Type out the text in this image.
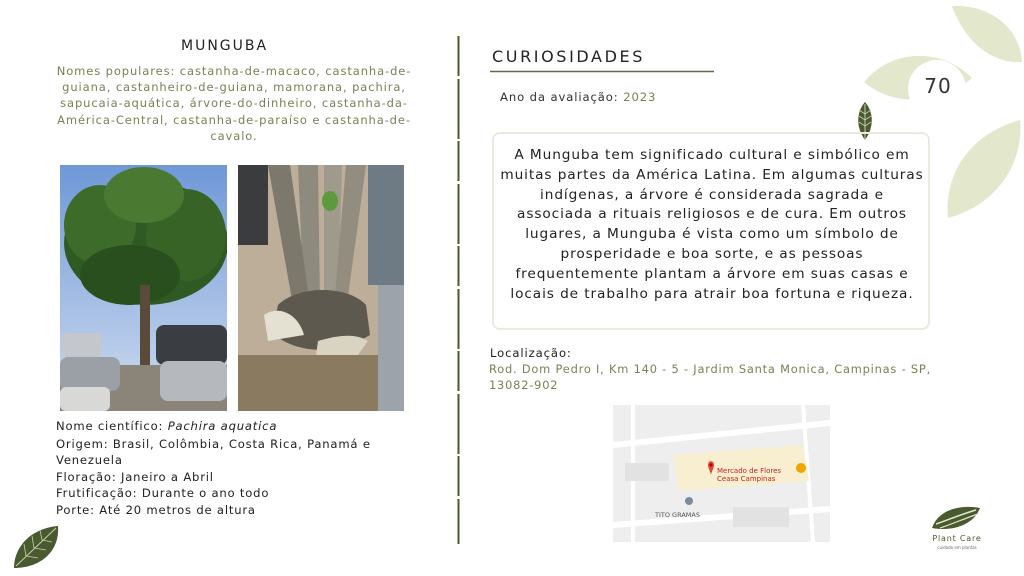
70
MUNGUBA
Nomes populares: castanha-de-macaco, castanha-de-guiana, castanheiro-de-guiana, mamorana, pachira, sapucaia-aquática, árvore-do-dinheiro, castanha-da-América-Central, castanha-de-paraíso e castanha-de-cavalo.
Nome científico: Pachira aquatica
Origem: Brasil, Colômbia, Costa Rica, Panamá e Venezuela
Floração: Janeiro a Abril
Frutificação: Durante o ano todo
Porte: Até 20 metros de altura
CURIOSIDADES
Ano da avaliação: 2023
A Munguba tem significado cultural e simbólico em muitas partes da América Latina. Em algumas culturas indígenas, a árvore é considerada sagrada e associada a rituais religiosos e de cura. Em outros lugares, a Munguba é vista como um símbolo de prosperidade e boa sorte, e as pessoas frequentemente plantam a árvore em suas casas e locais de trabalho para atrair boa fortuna e riqueza.
Localização:
Rod. Dom Pedro I, Km 140 - 5 - Jardim Santa Monica, Campinas - SP, 13082-902
Mercado de Flores
Ceasa Campinas
TITO GRAMAS
Plant Care
cuidado em plantas
